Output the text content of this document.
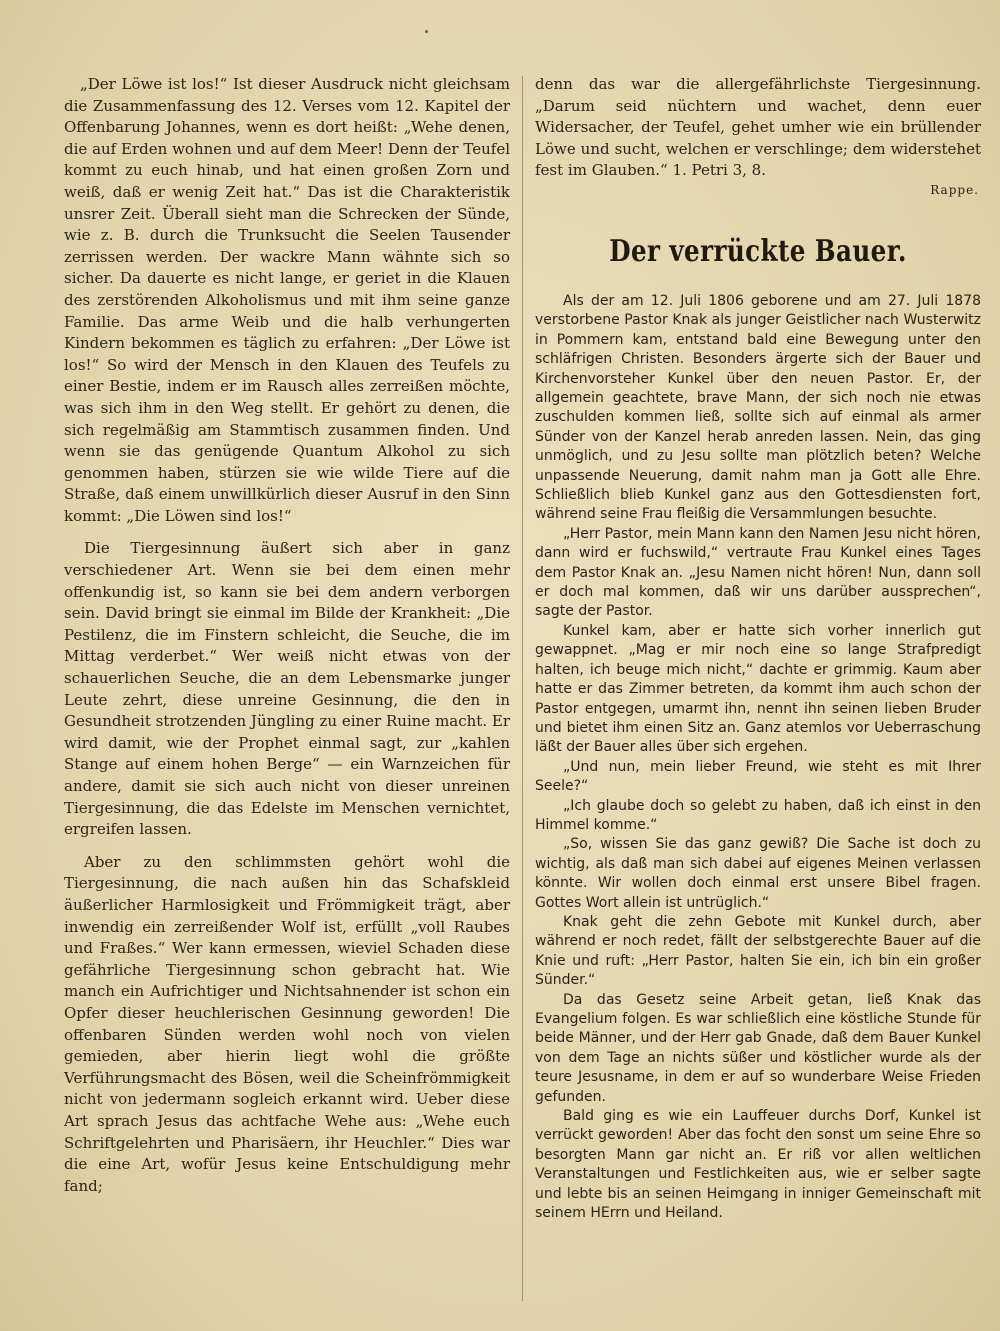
„Der Löwe ist los!“ Ist dieser Ausdruck nicht gleichsam die Zusammenfassung des 12. Verses vom 12. Kapitel der Offenbarung Johannes, wenn es dort heißt: „Wehe denen, die auf Erden wohnen und auf dem Meer! Denn der Teufel kommt zu euch hinab, und hat einen großen Zorn und weiß, daß er wenig Zeit hat.“ Das ist die Charakteristik unsrer Zeit. Überall sieht man die Schrecken der Sünde, wie z. B. durch die Trunksucht die Seelen Tausender zerrissen werden. Der wackre Mann wähnte sich so sicher. Da dauerte es nicht lange, er geriet in die Klauen des zerstörenden Alkoholismus und mit ihm seine ganze Familie. Das arme Weib und die halb verhungerten Kindern bekommen es täglich zu erfahren: „Der Löwe ist los!“ So wird der Mensch in den Klauen des Teufels zu einer Bestie, indem er im Rausch alles zerreißen möchte, was sich ihm in den Weg stellt. Er gehört zu denen, die sich regelmäßig am Stammtisch zusammen finden. Und wenn sie das genügende Quantum Alkohol zu sich genommen haben, stürzen sie wie wilde Tiere auf die Straße, daß einem unwillkürlich dieser Ausruf in den Sinn kommt: „Die Löwen sind los!“

Die Tiergesinnung äußert sich aber in ganz verschiedener Art. Wenn sie bei dem einen mehr offenkundig ist, so kann sie bei dem andern verborgen sein. David bringt sie einmal im Bilde der Krankheit: „Die Pestilenz, die im Finstern schleicht, die Seuche, die im Mittag verderbet.“ Wer weiß nicht etwas von der schauerlichen Seuche, die an dem Lebensmarke junger Leute zehrt, diese unreine Gesinnung, die den in Gesundheit strotzenden Jüngling zu einer Ruine macht. Er wird damit, wie der Prophet einmal sagt, zur „kahlen Stange auf einem hohen Berge“ — ein Warnzeichen für andere, damit sie sich auch nicht von dieser unreinen Tiergesinnung, die das Edelste im Menschen vernichtet, ergreifen lassen.

Aber zu den schlimmsten gehört wohl die Tiergesinnung, die nach außen hin das Schafskleid äußerlicher Harmlosigkeit und Frömmigkeit trägt, aber inwendig ein zerreißender Wolf ist, erfüllt „voll Raubes und Fraßes.“ Wer kann ermessen, wieviel Schaden diese gefährliche Tiergesinnung schon gebracht hat. Wie manch ein Aufrichtiger und Nichtsahnender ist schon ein Opfer dieser heuchlerischen Gesinnung geworden! Die offenbaren Sünden werden wohl noch von vielen gemieden, aber hierin liegt wohl die größte Verführungsmacht des Bösen, weil die Scheinfrömmigkeit nicht von jedermann sogleich erkannt wird. Ueber diese Art sprach Jesus das achtfache Wehe aus: „Wehe euch Schriftgelehrten und Pharisäern, ihr Heuchler.“ Dies war die eine Art, wofür Jesus keine Entschuldigung mehr fand;

denn das war die allergefährlichste Tiergesinnung. „Darum seid nüchtern und wachet, denn euer Widersacher, der Teufel, gehet umher wie ein brüllender Löwe und sucht, welchen er verschlinge; dem widerstehet fest im Glauben.“ 1. Petri 3, 8.

Rappe.
Der verrückte Bauer.

Als der am 12. Juli 1806 geborene und am 27. Juli 1878 verstorbene Pastor Knak als junger Geistlicher nach Wusterwitz in Pommern kam, entstand bald eine Bewegung unter den schläfrigen Christen. Besonders ärgerte sich der Bauer und Kirchenvorsteher Kunkel über den neuen Pastor. Er, der allgemein geachtete, brave Mann, der sich noch nie etwas zuschulden kommen ließ, sollte sich auf einmal als armer Sünder von der Kanzel herab anreden lassen. Nein, das ging unmöglich, und zu Jesu sollte man plötzlich beten? Welche unpassende Neuerung, damit nahm man ja Gott alle Ehre. Schließlich blieb Kunkel ganz aus den Gottesdiensten fort, während seine Frau fleißig die Versammlungen besuchte.

„Herr Pastor, mein Mann kann den Namen Jesu nicht hören, dann wird er fuchswild,“ vertraute Frau Kunkel eines Tages dem Pastor Knak an. „Jesu Namen nicht hören! Nun, dann soll er doch mal kommen, daß wir uns darüber aussprechen“, sagte der Pastor.

Kunkel kam, aber er hatte sich vorher innerlich gut gewappnet. „Mag er mir noch eine so lange Strafpredigt halten, ich beuge mich nicht,“ dachte er grimmig. Kaum aber hatte er das Zimmer betreten, da kommt ihm auch schon der Pastor entgegen, umarmt ihn, nennt ihn seinen lieben Bruder und bietet ihm einen Sitz an. Ganz atemlos vor Ueberraschung läßt der Bauer alles über sich ergehen.

„Und nun, mein lieber Freund, wie steht es mit Ihrer Seele?“

„Ich glaube doch so gelebt zu haben, daß ich einst in den Himmel komme.“

„So, wissen Sie das ganz gewiß? Die Sache ist doch zu wichtig, als daß man sich dabei auf eigenes Meinen verlassen könnte. Wir wollen doch einmal erst unsere Bibel fragen. Gottes Wort allein ist untrüglich.“

Knak geht die zehn Gebote mit Kunkel durch, aber während er noch redet, fällt der selbstgerechte Bauer auf die Knie und ruft: „Herr Pastor, halten Sie ein, ich bin ein großer Sünder.“

Da das Gesetz seine Arbeit getan, ließ Knak das Evangelium folgen. Es war schließlich eine köstliche Stunde für beide Männer, und der Herr gab Gnade, daß dem Bauer Kunkel von dem Tage an nichts süßer und köstlicher wurde als der teure Jesusname, in dem er auf so wunderbare Weise Frieden gefunden.

Bald ging es wie ein Lauffeuer durchs Dorf, Kunkel ist verrückt geworden! Aber das focht den sonst um seine Ehre so besorgten Mann gar nicht an. Er riß vor allen weltlichen Veranstaltungen und Festlichkeiten aus, wie er selber sagte und lebte bis an seinen Heimgang in inniger Gemeinschaft mit seinem HErrn und Heiland.
